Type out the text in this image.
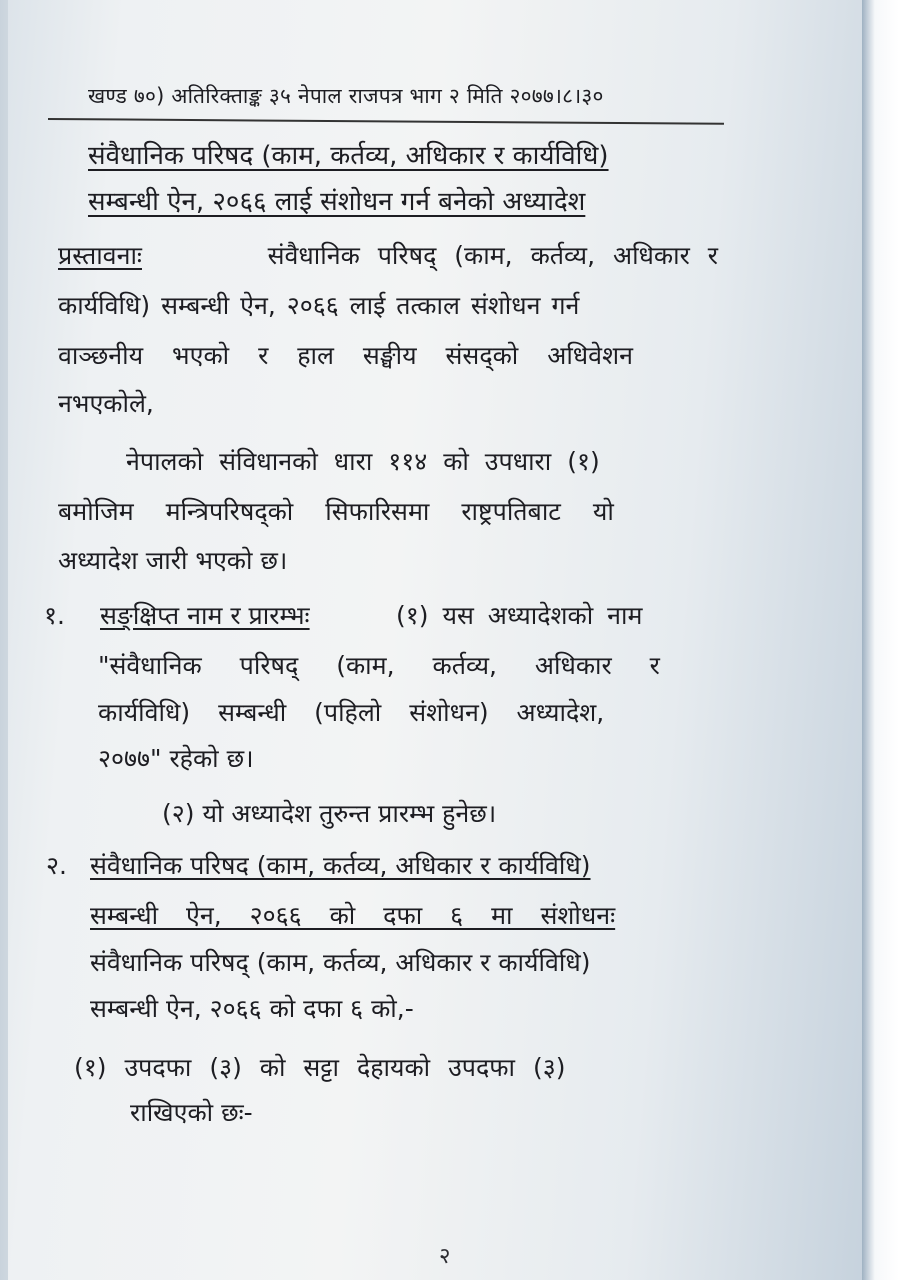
खण्ड ७०) अतिरिक्ताङ्क ३५ नेपाल राजपत्र भाग २ मिति २०७७।८।३०

संवैधानिक परिषद (काम, कर्तव्य, अधिकार र कार्यविधि)

सम्बन्धी ऐन, २०६६ लाई संशोधन गर्न बनेको अध्यादेश

प्रस्तावनाः	संवैधानिक परिषद् (काम, कर्तव्य, अधिकार र

कार्यविधि) सम्बन्धी ऐन, २०६६ लाई तत्काल संशोधन गर्न

वाञ्छनीय भएको र हाल सङ्घीय संसद्को अधिवेशन

नभएकोले,

नेपालको संविधानको धारा ११४ को उपधारा (१)

बमोजिम मन्त्रिपरिषद्को सिफारिसमा राष्ट्रपतिबाट यो

अध्यादेश जारी भएको छ।

१. सङ्क्षिप्त नाम र प्रारम्भः	(१) यस अध्यादेशको नाम

"संवैधानिक परिषद् (काम, कर्तव्य, अधिकार र

कार्यविधि) सम्बन्धी (पहिलो संशोधन) अध्यादेश,

२०७७" रहेको छ।

(२) यो अध्यादेश तुरुन्त प्रारम्भ हुनेछ।

२. संवैधानिक परिषद (काम, कर्तव्य, अधिकार र कार्यविधि)

सम्बन्धी ऐन, २०६६ को दफा ६ मा संशोधनः

संवैधानिक परिषद् (काम, कर्तव्य, अधिकार र कार्यविधि)

सम्बन्धी ऐन, २०६६ को दफा ६ को,-

(१) उपदफा (३) को सट्टा देहायको उपदफा (३)

राखिएको छः-

२
